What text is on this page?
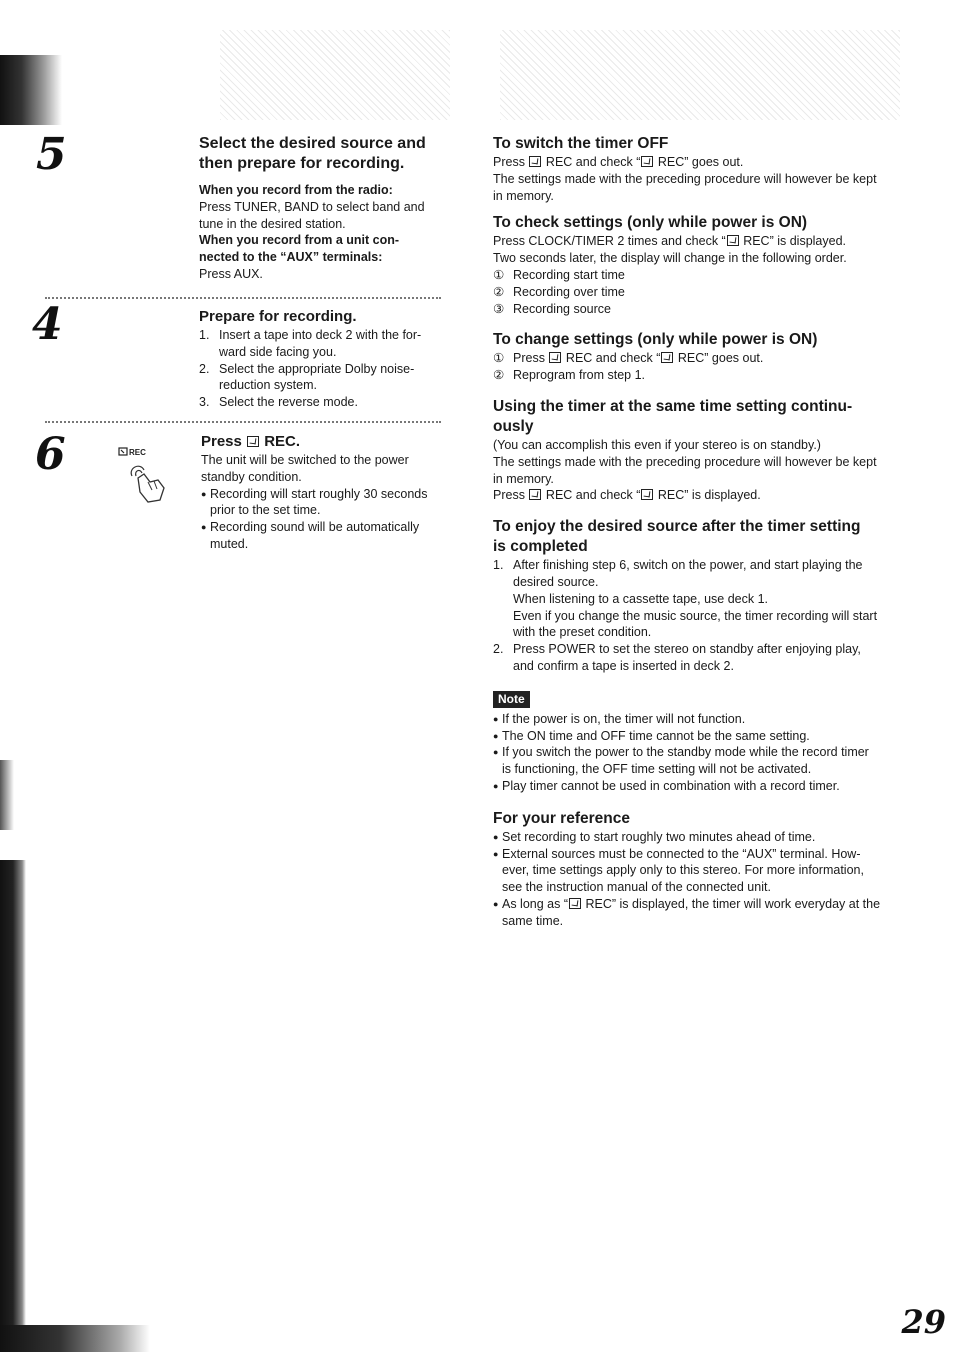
5
4
6	REC
Select the desired source and
then prepare for recording.

When you record from the radio:

Press TUNER, BAND to select band and
tune in the desired station.

When you record from a unit con-
nected to the “AUX” terminals:

Press AUX.

Prepare for recording.
1. Insert a tape into deck 2 with the for-
ward side facing you.
2. Select the appropriate Dolby noise-
reduction system.
3. Select the reverse mode.
Press REC.

The unit will be switched to the power
standby condition.

● Recording will start roughly 30 seconds
prior to the set time.
● Recording sound will be automatically
muted.
To switch the timer OFF

Press REC and check “ REC” goes out.

The settings made with the preceding procedure will however be kept
in memory.

To check settings (only while power is ON)

Press CLOCK/TIMER 2 times and check “ REC” is displayed.

Two seconds later, the display will change in the following order.

① Recording start time
② Recording over time
③ Recording source
To change settings (only while power is ON)
① Press REC and check “ REC” goes out.
② Reprogram from step 1.
Using the timer at the same time setting continu-
ously

(You can accomplish this even if your stereo is on standby.)

The settings made with the preceding procedure will however be kept
in memory.

Press REC and check “ REC” is displayed.

To enjoy the desired source after the timer setting
is completed
1. After finishing step 6, switch on the power, and start playing the
desired source.
When listening to a cassette tape, use deck 1.
Even if you change the music source, the timer recording will start
with the preset condition.
2. Press POWER to set the stereo on standby after enjoying play,
and confirm a tape is inserted in deck 2.
Note
● If the power is on, the timer will not function.
● The ON time and OFF time cannot be the same setting.
● If you switch the power to the standby mode while the record timer
is functioning, the OFF time setting will not be activated.
● Play timer cannot be used in combination with a record timer.
For your reference
● Set recording to start roughly two minutes ahead of time.
● External sources must be connected to the “AUX” terminal. How-
ever, time settings apply only to this stereo. For more information,
see the instruction manual of the connected unit.
● As long as “ REC” is displayed, the timer will work everyday at the
same time.
29
